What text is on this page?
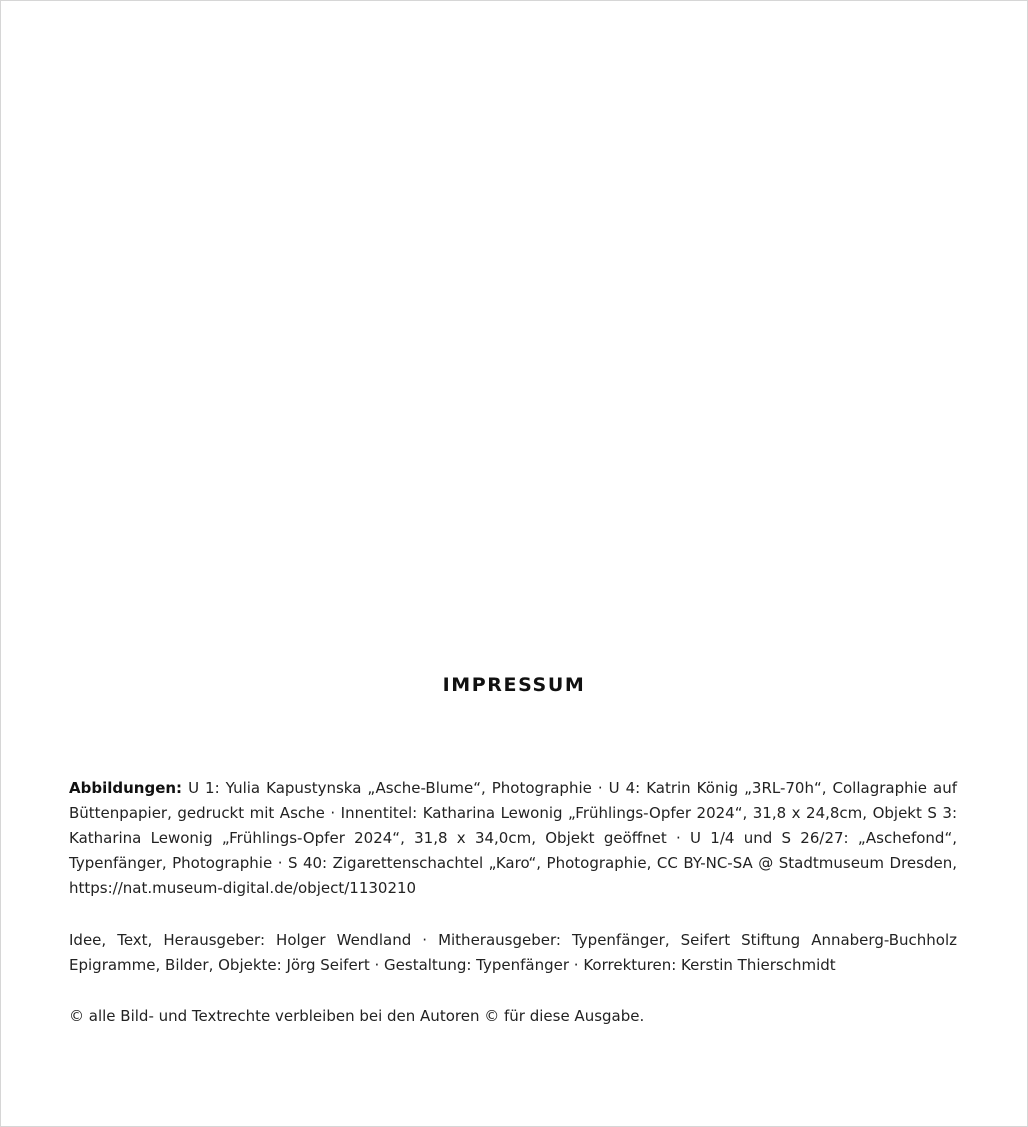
IMPRESSUM
Abbildungen: U 1: Yulia Kapustynska „Asche-Blume“, Photographie · U 4: Katrin König „3RL-70h“, Collagraphie auf Büttenpapier, gedruckt mit Asche · Innentitel: Katharina Lewonig „Frühlings-Opfer 2024“, 31,8 x 24,8cm, Objekt S 3: Katharina Lewonig „Frühlings-Opfer 2024“, 31,8 x 34,0cm, Objekt geöffnet · U 1/4 und S 26/27: „Aschefond“, Typenfänger, Photographie · S 40: Zigarettenschachtel „Karo“, Photographie, CC BY-NC-SA @ Stadtmuseum Dresden, https://nat.museum-digital.de/object/1130210
Idee, Text, Herausgeber: Holger Wendland · Mitherausgeber: Typenfänger, Seifert Stiftung Annaberg-Buchholz
Epigramme, Bilder, Objekte: Jörg Seifert · Gestaltung: Typenfänger · Korrekturen: Kerstin Thierschmidt
© alle Bild- und Textrechte verbleiben bei den Autoren © für diese Ausgabe.
